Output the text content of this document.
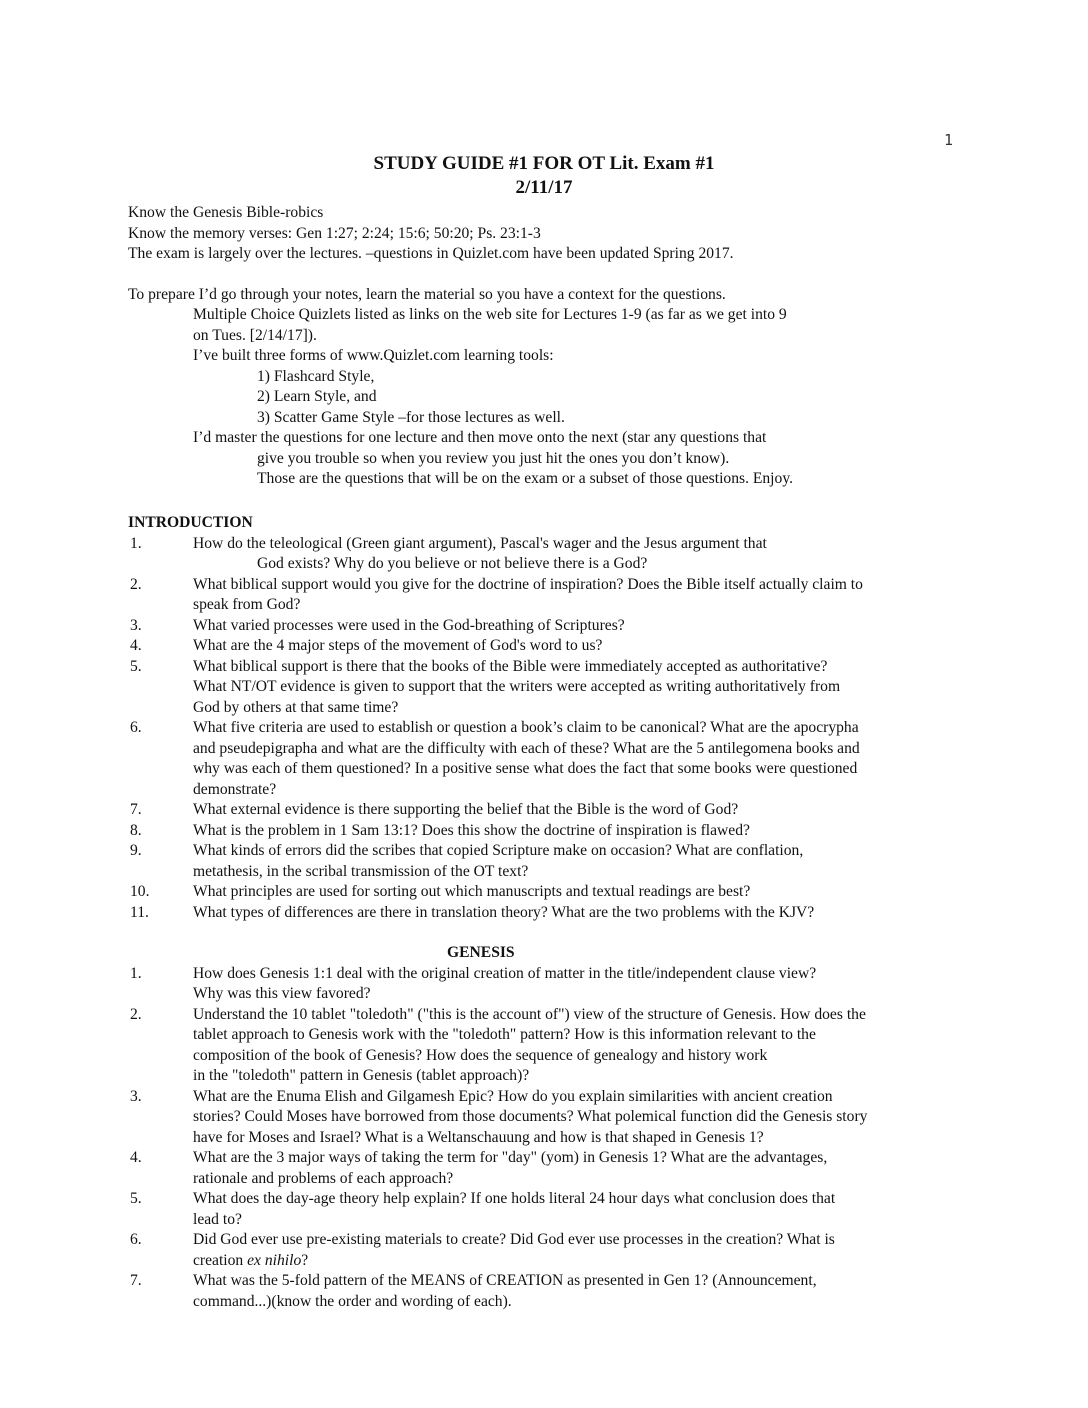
1
STUDY GUIDE #1 FOR OT Lit. Exam #1
2/11/17
Know the Genesis Bible-robics
Know the memory verses: Gen 1:27; 2:24; 15:6; 50:20; Ps. 23:1-3
The exam is largely over the lectures. –questions in Quizlet.com have been updated Spring 2017.
To prepare I’d go through your notes, learn the material so you have a context for the questions.
Multiple Choice Quizlets listed as links on the web site for Lectures 1-9 (as far as we get into 9
on Tues. [2/14/17]).
I’ve built three forms of www.Quizlet.com learning tools:
1) Flashcard Style,
2) Learn Style, and
3) Scatter Game Style –for those lectures as well.
I’d master the questions for one lecture and then move onto the next (star any questions that
give you trouble so when you review you just hit the ones you don’t know).
Those are the questions that will be on the exam or a subset of those questions. Enjoy.
INTRODUCTION
1.	How do the teleological (Green giant argument), Pascal's wager and the Jesus argument that
God exists? Why do you believe or not believe there is a God?
2.	What biblical support would you give for the doctrine of inspiration? Does the Bible itself actually claim to
speak from God?
3.	What varied processes were used in the God-breathing of Scriptures?
4.	What are the 4 major steps of the movement of God's word to us?
5.	What biblical support is there that the books of the Bible were immediately accepted as authoritative?
What NT/OT evidence is given to support that the writers were accepted as writing authoritatively from
God by others at that same time?
6.	What five criteria are used to establish or question a book’s claim to be canonical? What are the apocrypha
and pseudepigrapha and what are the difficulty with each of these? What are the 5 antilegomena books and
why was each of them questioned? In a positive sense what does the fact that some books were questioned
demonstrate?
7.	What external evidence is there supporting the belief that the Bible is the word of God?
8.	What is the problem in 1 Sam 13:1? Does this show the doctrine of inspiration is flawed?
9.	What kinds of errors did the scribes that copied Scripture make on occasion? What are conflation,
metathesis, in the scribal transmission of the OT text?
10.	What principles are used for sorting out which manuscripts and textual readings are best?
11.	What types of differences are there in translation theory? What are the two problems with the KJV?
GENESIS
1.	How does Genesis 1:1 deal with the original creation of matter in the title/independent clause view?
Why was this view favored?
2.	Understand the 10 tablet "toledoth" ("this is the account of") view of the structure of Genesis. How does the
tablet approach to Genesis work with the "toledoth" pattern? How is this information relevant to the
composition of the book of Genesis? How does the sequence of genealogy and history work
in the "toledoth" pattern in Genesis (tablet approach)?
3.	What are the Enuma Elish and Gilgamesh Epic? How do you explain similarities with ancient creation
stories? Could Moses have borrowed from those documents? What polemical function did the Genesis story
have for Moses and Israel? What is a Weltanschauung and how is that shaped in Genesis 1?
4.	What are the 3 major ways of taking the term for "day" (yom) in Genesis 1? What are the advantages,
rationale and problems of each approach?
5.	What does the day-age theory help explain? If one holds literal 24 hour days what conclusion does that
lead to?
6.	Did God ever use pre-existing materials to create? Did God ever use processes in the creation? What is
creation ex nihilo?
7.	What was the 5-fold pattern of the MEANS of CREATION as presented in Gen 1? (Announcement,
command...)(know the order and wording of each).
